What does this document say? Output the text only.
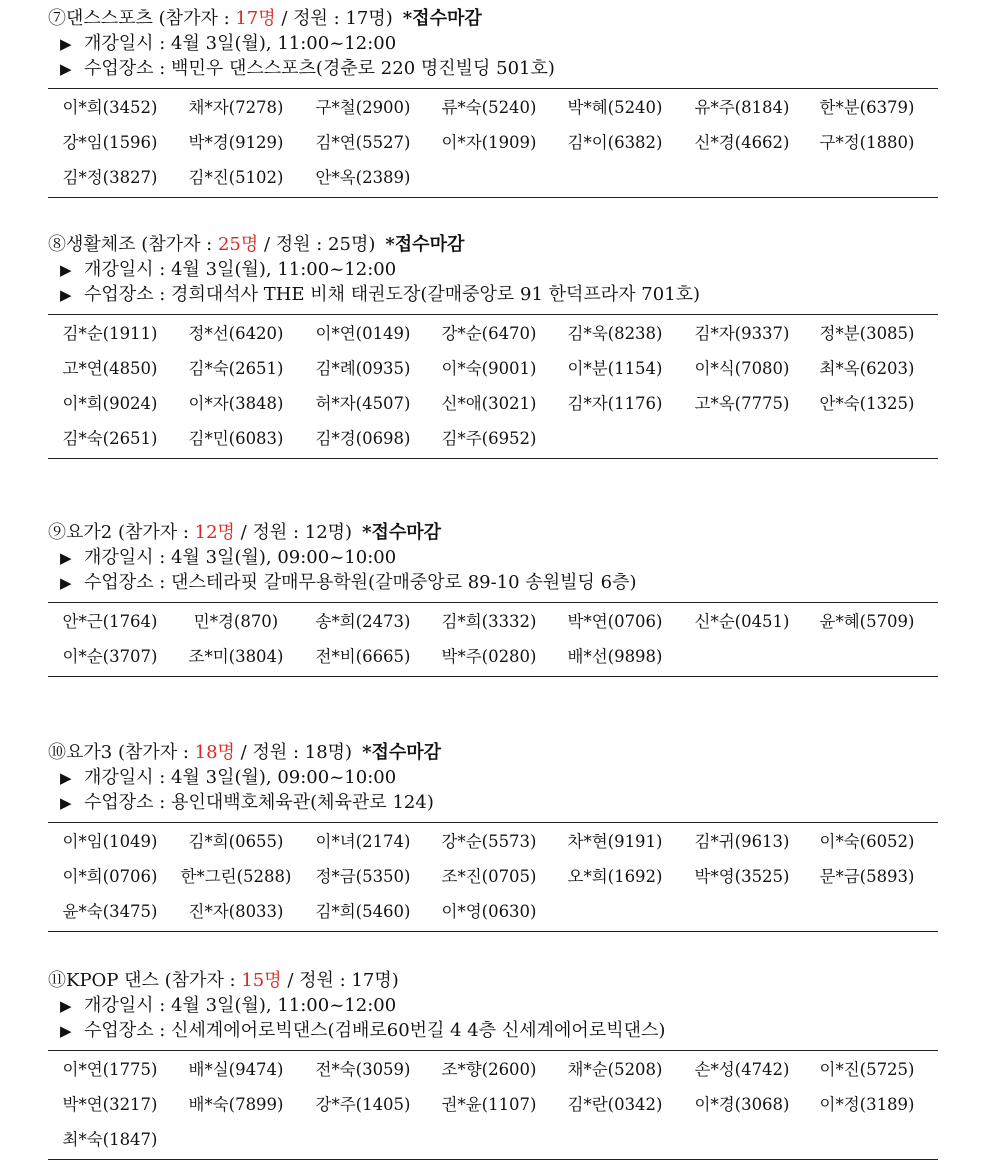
⑦댄스스포츠 (참가자 : 17명 / 정원 : 17명) *접수마감
▶ 개강일시 : 4월 3일(월), 11:00~12:00
▶ 수업장소 : 백민우 댄스스포츠(경춘로 220 명진빌딩 501호)
이*희(3452)	채*자(7278)	구*철(2900)	류*숙(5240)	박*혜(5240)	유*주(8184)	한*분(6379)
강*임(1596)	박*경(9129)	김*연(5527)	이*자(1909)	김*이(6382)	신*경(4662)	구*정(1880)
김*정(3827)	김*진(5102)	안*옥(2389)
⑧생활체조 (참가자 : 25명 / 정원 : 25명) *접수마감
▶ 개강일시 : 4월 3일(월), 11:00~12:00
▶ 수업장소 : 경희대석사 THE 비채 태권도장(갈매중앙로 91 한덕프라자 701호)
김*순(1911)	정*선(6420)	이*연(0149)	강*순(6470)	김*욱(8238)	김*자(9337)	정*분(3085)
고*연(4850)	김*숙(2651)	김*례(0935)	이*숙(9001)	이*분(1154)	이*식(7080)	최*옥(6203)
이*희(9024)	이*자(3848)	허*자(4507)	신*애(3021)	김*자(1176)	고*옥(7775)	안*숙(1325)
김*숙(2651)	김*민(6083)	김*경(0698)	김*주(6952)
⑨요가2 (참가자 : 12명 / 정원 : 12명) *접수마감
▶ 개강일시 : 4월 3일(월), 09:00~10:00
▶ 수업장소 : 댄스테라핏 갈매무용학원(갈매중앙로 89-10 송원빌딩 6층)
안*근(1764)	민*경(870)	송*희(2473)	김*희(3332)	박*연(0706)	신*순(0451)	윤*혜(5709)
이*순(3707)	조*미(3804)	전*비(6665)	박*주(0280)	배*선(9898)
⑩요가3 (참가자 : 18명 / 정원 : 18명) *접수마감
▶ 개강일시 : 4월 3일(월), 09:00~10:00
▶ 수업장소 : 용인대백호체육관(체육관로 124)
이*임(1049)	김*희(0655)	이*녀(2174)	강*순(5573)	차*현(9191)	김*귀(9613)	이*숙(6052)
이*희(0706)	한*그린(5288)	정*금(5350)	조*진(0705)	오*희(1692)	박*영(3525)	문*금(5893)
윤*숙(3475)	진*자(8033)	김*희(5460)	이*영(0630)
⑪KPOP 댄스 (참가자 : 15명 / 정원 : 17명)
▶ 개강일시 : 4월 3일(월), 11:00~12:00
▶ 수업장소 : 신세계에어로빅댄스(검배로60번길 4 4층 신세계에어로빅댄스)
이*연(1775)	배*실(9474)	전*숙(3059)	조*향(2600)	채*순(5208)	손*성(4742)	이*진(5725)
박*연(3217)	배*숙(7899)	강*주(1405)	권*윤(1107)	김*란(0342)	이*경(3068)	이*정(3189)
최*숙(1847)
